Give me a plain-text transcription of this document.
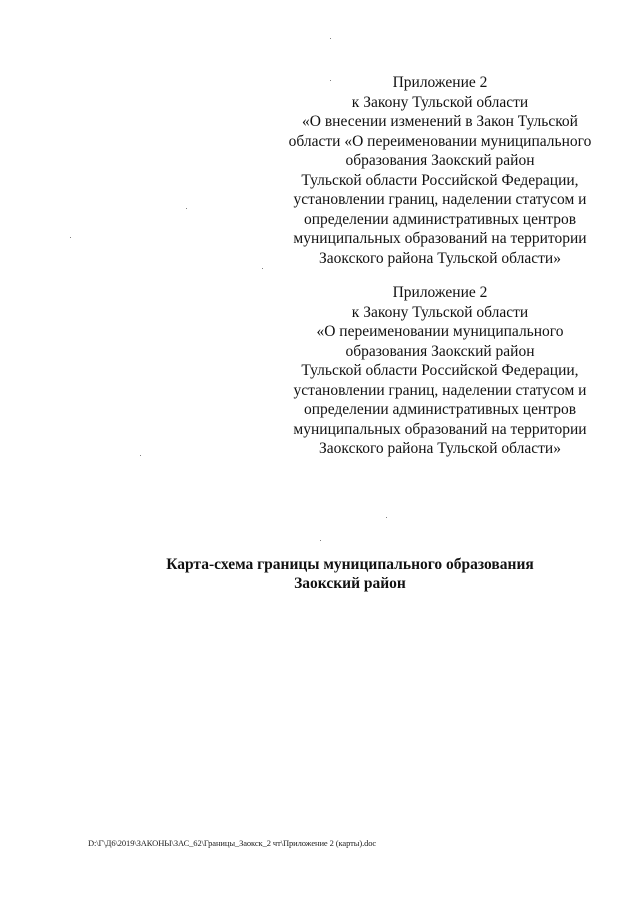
Приложение 2
к Закону Тульской области
«О внесении изменений в Закон Тульской
области «О переименовании муниципального
образования Заокский район
Тульской области Российской Федерации,
установлении границ, наделении статусом и
определении административных центров
муниципальных образований на территории
Заокского района Тульской области»
Приложение 2
к Закону Тульской области
«О переименовании муниципального
образования Заокский район
Тульской области Российской Федерации,
установлении границ, наделении статусом и
определении административных центров
муниципальных образований на территории
Заокского района Тульской области»
Карта-схема границы муниципального образования
Заокский район
D:\Г\Д6\2019\ЗАКОНЫ\ЗАС_62\Границы_Заокск_2 чт\Приложение 2 (карты).doc
